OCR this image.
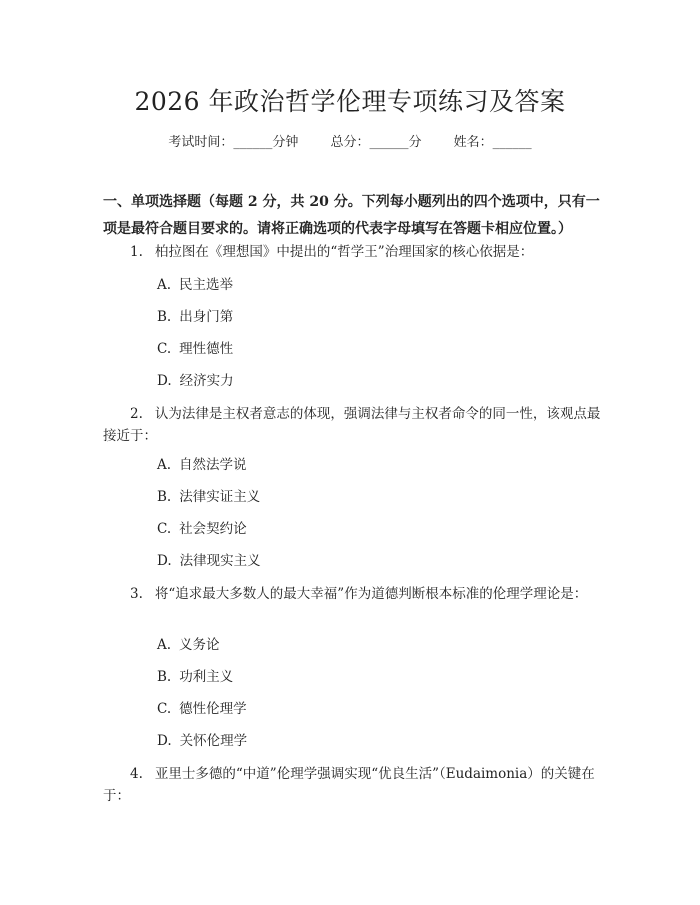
2026 年政治哲学伦理专项练习及答案
考试时间：______分钟 总分：______分 姓名：______

一、单项选择题（每题 2 分，共 20 分。下列每小题列出的四个选项中，只有一项是最符合题目要求的。请将正确选项的代表字母填写在答题卡相应位置。）

1. 柏拉图在《理想国》中提出的“哲学王”治理国家的核心依据是：
A. 民主选举
B. 出身门第
C. 理性德性
D. 经济实力
2. 认为法律是主权者意志的体现，强调法律与主权者命令的同一性，该观点最接近于：
A. 自然法学说
B. 法律实证主义
C. 社会契约论
D. 法律现实主义
3. 将“追求最大多数人的最大幸福”作为道德判断根本标准的伦理学理论是：
A. 义务论
B. 功利主义
C. 德性伦理学
D. 关怀伦理学
4. 亚里士多德的“中道”伦理学强调实现“优良生活”（Eudaimonia）的关键在于：
